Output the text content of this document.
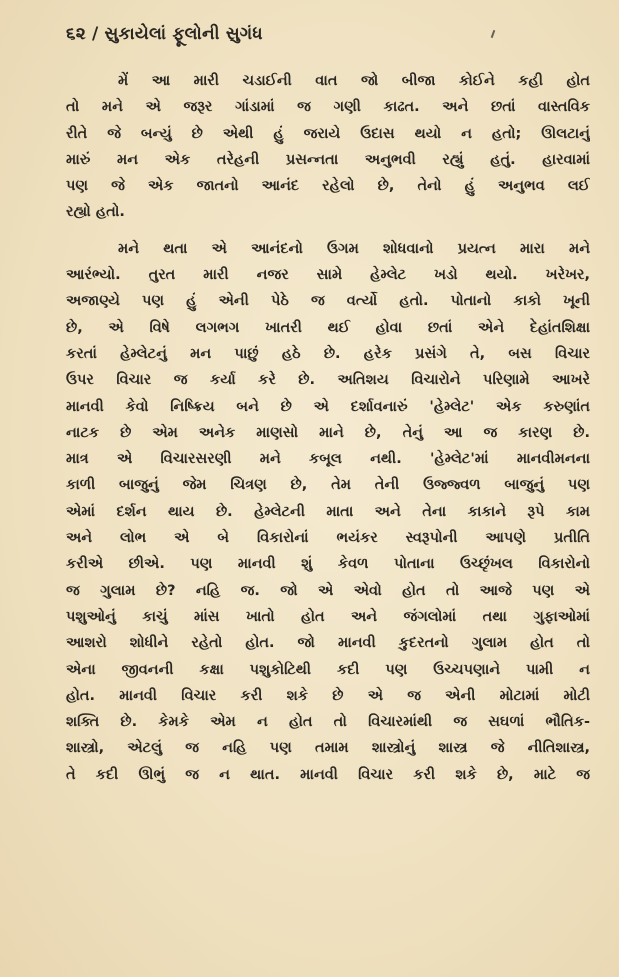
૬૨ / સુકાયેલાં ફૂલોની સુગંધ
મેં આ મારી ચડાઈની વાત જો બીજા કોઈને કહી હોત
તો મને એ જરૂર ગાંડામાં જ ગણી કાઢત. અને છતાં વાસ્તવિક
રીતે જે બન્યું છે એથી હું જરાયે ઉદાસ થયો ન હતો; ઊલટાનું
મારું મન એક તરેહની પ્રસન્નતા અનુભવી રહ્યું હતું. હારવામાં
પણ જે એક જાતનો આનંદ રહેલો છે, તેનો હું અનુભવ લઈ
રહ્યો હતો.
મને થતા એ આનંદનો ઉગમ શોધવાનો પ્રયત્ન મારા મને
આરંભ્યો. તુરત મારી નજર સામે હેમ્લેટ ખડો થયો. ખરેખર,
અજાણ્યે પણ હું એની પેઠે જ વર્ત્યો હતો. પોતાનો કાકો ખૂની
છે, એ વિષે લગભગ ખાતરી થઈ હોવા છતાં એને દેહાંતશિક્ષા
કરતાં હેમ્લેટનું મન પાછું હઠે છે. હરેક પ્રસંગે તે, બસ વિચાર
ઉપર વિચાર જ કર્યા કરે છે. અતિશય વિચારોને પરિણામે આખરે
માનવી કેવો નિષ્ક્રિય બને છે એ દર્શાવનારું 'હેમ્લેટ' એક કરુણાંત
નાટક છે એમ અનેક માણસો માને છે, તેનું આ જ કારણ છે.
માત્ર એ વિચારસરણી મને કબૂલ નથી. 'હેમ્લેટ'માં માનવીમનના
કાળી બાજુનું જેમ ચિત્રણ છે, તેમ તેની ઉજ્જ્વળ બાજુનું પણ
એમાં દર્શન થાય છે. હેમ્લેટની માતા અને તેના કાકાને રૂપે કામ
અને લોભ એ બે વિકારોનાં ભયંકર સ્વરૂપોની આપણે પ્રતીતિ
કરીએ છીએ. પણ માનવી શું કેવળ પોતાના ઉચ્છૃંખલ વિકારોનો
જ ગુલામ છે? નહિ જ. જો એ એવો હોત તો આજે પણ એ
પશુઓનું કાચું માંસ ખાતો હોત અને જંગલોમાં તથા ગુફાઓમાં
આશરો શોધીને રહેતો હોત. જો માનવી કુદરતનો ગુલામ હોત તો
એના જીવનની કક્ષા પશુકોટિથી કદી પણ ઉચ્ચપણાને પામી ન
હોત. માનવી વિચાર કરી શકે છે એ જ એની મોટામાં મોટી
શક્તિ છે. કેમકે એમ ન હોત તો વિચારમાંથી જ સઘળાં ભૌતિક-
શાસ્ત્રો, એટલું જ નહિ પણ તમામ શાસ્ત્રોનું શાસ્ત્ર જે નીતિશાસ્ત્ર,
તે કદી ઊભું જ ન થાત. માનવી વિચાર કરી શકે છે, માટે જ
